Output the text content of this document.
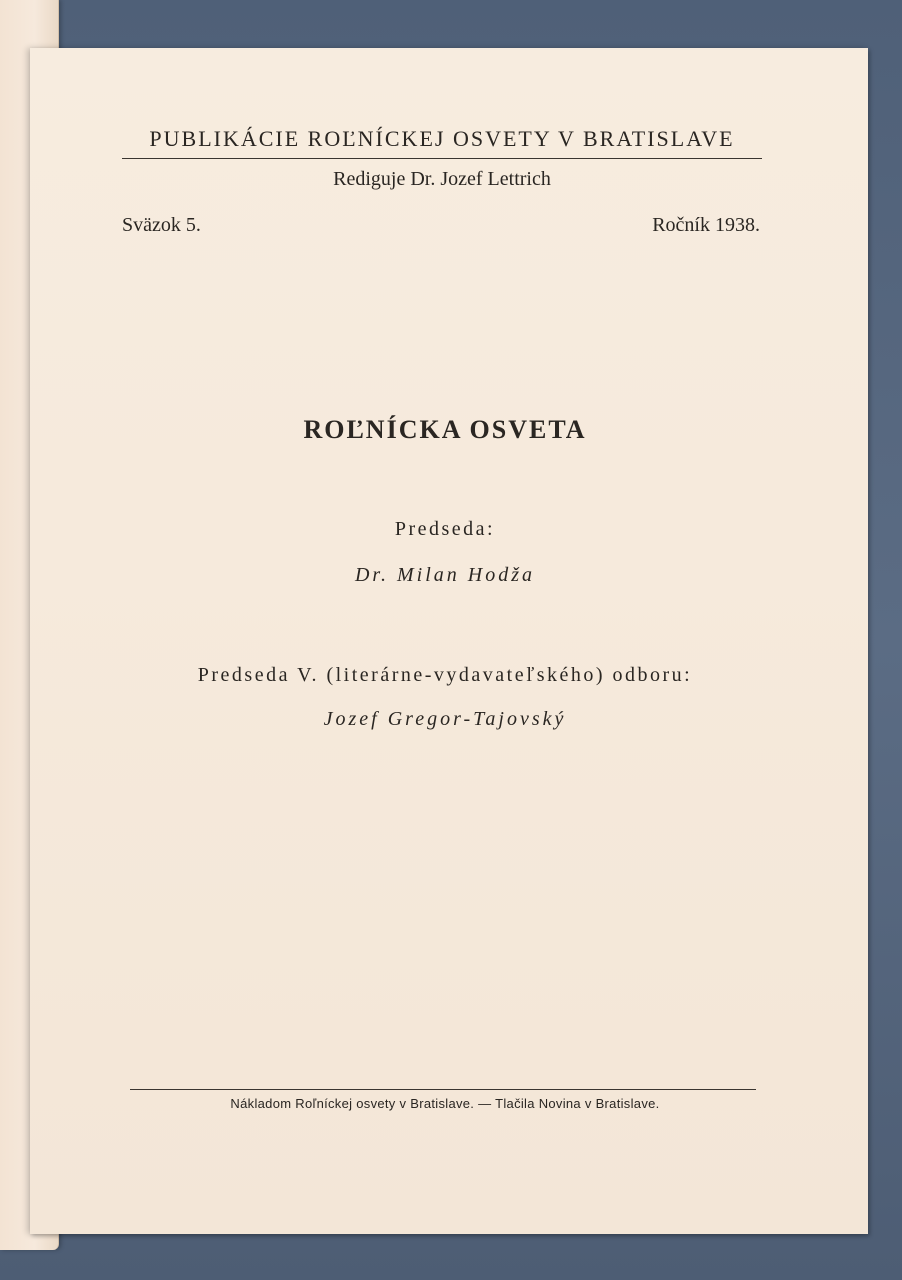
PUBLIKÁCIE ROĽNÍCKEJ OSVETY V BRATISLAVE
Rediguje Dr. Jozef Lettrich
Sväzok 5.	Ročník 1938.
ROĽNÍCKA OSVETA
Predseda:
Dr. Milan Hodža
Predseda V. (literárne-vydavateľského) odboru:
Jozef Gregor-Tajovský
Nákladom Roľníckej osvety v Bratislave. — Tlačila Novina v Bratislave.
